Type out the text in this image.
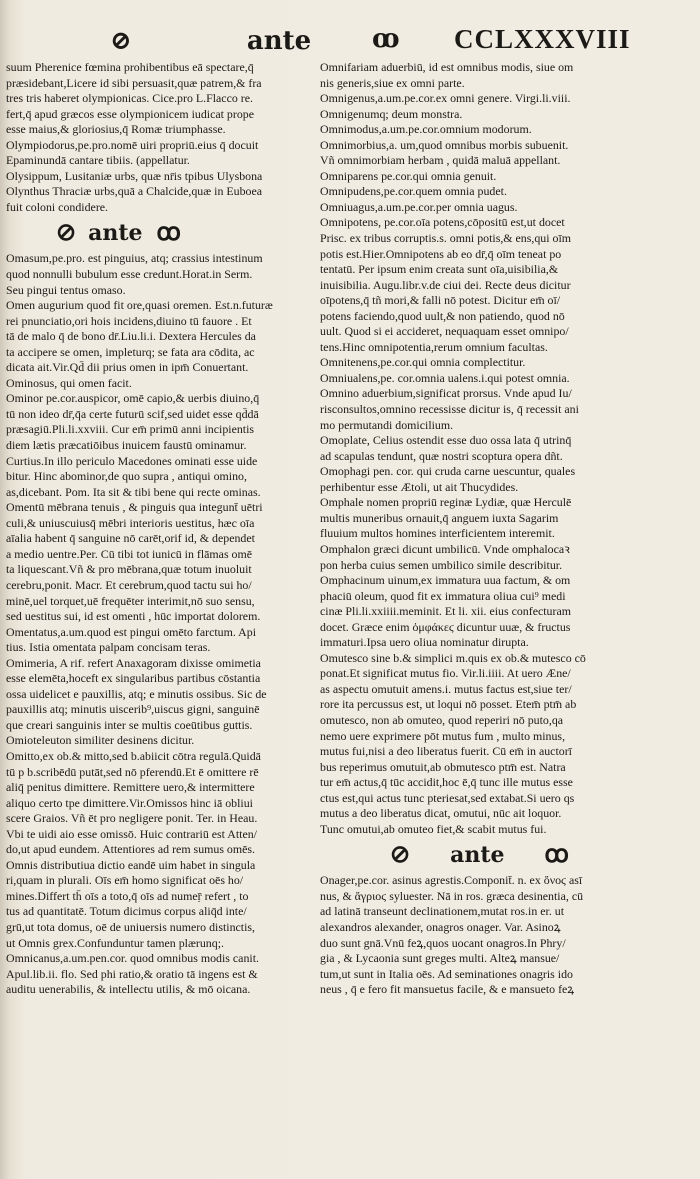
⊘	ante	ꝏ CCLXXXVIII
suum Pherenice fœmina prohibentibus eā spectare,q̄
præsidebant,Licere id sibi persuasit,quæ patrem,& fra
tres tris haberet olympionicas. Cice.pro L.Flacco re.
fert,q̄ apud græcos esse olympionicem iudicat prope
esse maius,& gloriosius,q̄ Romæ triumphasse.
Olympiodorus,pe.pro.nomē uiri propriū.eius q̄ docuit
Epaminundā cantare tibiis. (appellatur.
Olysippum, Lusitaniæ urbs, quæ nr̄is tpibus Ulysbona
Olynthus Thraciæ urbs,quā a Chalcide,quæ in Euboea
fuit coloni condidere.
⊘ ante ꝏ
Omasum,pe.pro. est pinguius, atq; crassius intestinum
quod nonnulli bubulum esse credunt.Horat.in Serm.
Seu pingui tentus omaso.
Omen augurium quod fit ore,quasi oremen. Est.n.futuræ
rei pnunciatio,ori hois incidens,diuino tū fauore . Et
tā de malo q̄ de bono dr̄.Liu.li.i. Dextera Hercules da
ta accipere se omen, impleturq; se fata ara cōdita, ac
dicata ait.Vir.Qd̄ dii prius omen in ipm̄ Conuertant.
Ominosus, qui omen facit.
Ominor pe.cor.auspicor, omē capio,& uerbis diuino,q̄
tū non ideo dr̄,q̄a certe futurū scif,sed uidet esse qd̄dā
præsagiū.Pli.li.xxviii. Cur em̄ primū anni incipientis
diem lætis præcatiōibus inuicem faustū ominamur.
Curtius.In illo periculo Macedones ominati esse uide
bitur. Hinc abominor,de quo supra , antiqui omino,
as,dicebant. Pom. Ita sit & tibi bene qui recte ominas.
Omentū mēbrana tenuis , & pinguis qua integunt̄ uētri
culi,& uniuscuiusq̄ mēbri interioris uestitus, hæc oīa
aīalia habent q̄ sanguine nō carēt,orif id, & dependet
a medio uentre.Per. Cū tibi tot iunicū in flāmas omē
ta liquescant.Vñ & pro mēbrana,quæ totum inuoluit
cerebru,ponit. Macr. Et cerebrum,quod tactu sui ho/
minē,uel torquet,uē frequēter interimit,nō suo sensu,
sed uestitus sui, id est omenti , hūc importat dolorem.
Omentatus,a.um.quod est pingui omēto farctum. Api
tius. Istia omentata palpam concisam teras.
Omimeria, A rif. refert Anaxagoram dixisse omimetia
esse elemēta,hoceft ex singularibus partibus cōstantia
ossa uidelicet e pauxillis, atq; e minutis ossibus. Sic de
pauxillis atq; minutis uiscerib⁹,uiscus gigni, sanguinē
que creari sanguinis inter se multis coeūtibus guttis.
Omioteleuton similiter desinens dicitur.
Omitto,ex ob.& mitto,sed b.abiicit cōtra regulā.Quidā
tū p b.scribēdū putāt,sed nō pferendū.Et ē omittere rē
aliq̄ penitus dimittere. Remittere uero,& intermittere
aliquo certo tpe dimittere.Vir.Omissos hinc iā obliui
scere Graios. Vñ ēt pro negligere ponit. Ter. in Heau.
Vbi te uidi aio esse omissō. Huic contrariū est Atten/
do,ut apud eundem. Attentiores ad rem sumus omēs.
Omnis distributiua dictio eandē uim habet in singula
ri,quam in plurali. Oīs em̄ homo significat oēs ho/
mines.Differt th̄ oīs a toto,q̄ oīs ad numeṝ refert , to
tus ad quantitatē. Totum dicimus corpus aliq̄d inte/
grū,ut tota domus, oē de uniuersis numero distinctis,
ut Omnis grex.Confunduntur tamen plærunq;.
Omnicanus,a.um.pen.cor. quod omnibus modis canit.
Apul.lib.ii. flo. Sed phi ratio,& oratio tā ingens est &
auditu uenerabilis, & intellectu utilis, & mō oicana.
Omnifariam aduerbiū, id est omnibus modis, siue om
nis generis,siue ex omni parte.
Omnigenus,a.um.pe.cor.ex omni genere. Virgi.li.viii.
Omnigenumq; deum monstra.
Omnimodus,a.um.pe.cor.omnium modorum.
Omnimorbius,a. um,quod omnibus morbis subuenit.
Vñ omnimorbiam herbam , quidā maluā appellant.
Omniparens pe.cor.qui omnia genuit.
Omnipudens,pe.cor.quem omnia pudet.
Omniuagus,a.um.pe.cor.per omnia uagus.
Omnipotens, pe.cor.oīa potens,cōpositū est,ut docet
Prisc. ex tribus corruptis.s. omni potis,& ens,qui oīm
potis est.Hier.Omnipotens ab eo dr̄,q̄ oīm teneat po
tentatū. Per ipsum enim creata sunt oīa,uisibilia,&
inuisibilia. Augu.libr.v.de ciui dei. Recte deus dicitur
oīpotens,q̄ tñ mori,& falli nō potest. Dicitur em̄ oī/
potens faciendo,quod uult,& non patiendo, quod nō
uult. Quod si ei accideret, nequaquam esset omnipo/
tens.Hinc omnipotentia,rerum omnium facultas.
Omnitenens,pe.cor.qui omnia complectitur.
Omniualens,pe. cor.omnia ualens.i.qui potest omnia.
Omnino aduerbium,significat prorsus. Vnde apud Iu/
risconsultos,omnino recessisse dicitur is, q̄ recessit ani
mo permutandi domicilium.
Omoplate, Celius ostendit esse duo ossa lata q̄ utrinq̄
ad scapulas tendunt, quæ nostri scoptura opera dñt.
Omophagi pen. cor. qui cruda carne uescuntur, quales
perhibentur esse Ætoli, ut ait Thucydides.
Omphale nomen propriū reginæ Lydiæ, quæ Herculē
multis muneribus ornauit,q̄ anguem iuxta Sagarim
fluuium multos homines interficientem interemit.
Omphalon græci dicunt umbilicū. Vnde omphalocaꝛ
pon herba cuius semen umbilico simile describitur.
Omphacinum uinum,ex immatura uua factum, & om
phaciū oleum, quod fit ex immatura oliua cui⁹ medi
cinæ Pli.li.xxiiii.meminit. Et li. xii. eius confecturam
docet. Græce enim ὀμφάκεϛ dicuntur uuæ, & fructus
immaturi.Ipsa uero oliua nominatur dirupta.
Omutesco sine b.& simplici m.quis ex ob.& mutesco cō
ponat.Et significat mutus fio. Vir.li.iiii. At uero Æne/
as aspectu omutuit amens.i. mutus factus est,siue ter/
rore ita percussus est, ut loqui nō posset. Etem̄ ptm̄ ab
omutesco, non ab omuteo, quod reperiri nō puto,qa
nemo uere exprimere pōt mutus fum , multo minus,
mutus fui,nisi a deo liberatus fuerit. Cū em̄ in auctorī
bus reperimus omutuit,ab obmutesco ptm̄ est. Natra
tur em̄ actus,q̄ tūc accidit,hoc ē,q̄ tunc ille mutus esse
ctus est,qui actus tunc pteriesat,sed extabat.Si uero qs
mutus a deo liberatus dicat, omutui, nūc ait loquor.
Tunc omutui,ab omuteo fiet,& scabit mutus fui.
⊘ ante ꝏ
Onager,pe.cor. asinus agrestis.Componit̄. n. ex ὄνοϛ asī
nus, & ἄγριοϛ syluester. Nā in ros. græca desinentia, cū
ad latinā transeunt declinationem,mutat ros.in er. ut
alexandros alexander, onagros onager. Var. Asinoꝝ
duo sunt gnā.Vnū feꝝ,quos uocant onagros.In Phry/
gia , & Lycaonia sunt greges multi. Alteꝝ mansue/
tum,ut sunt in Italia oēs. Ad seminationes onagris ido
neus , q̄ e fero fit mansuetus facile, & e mansueto feꝝ
